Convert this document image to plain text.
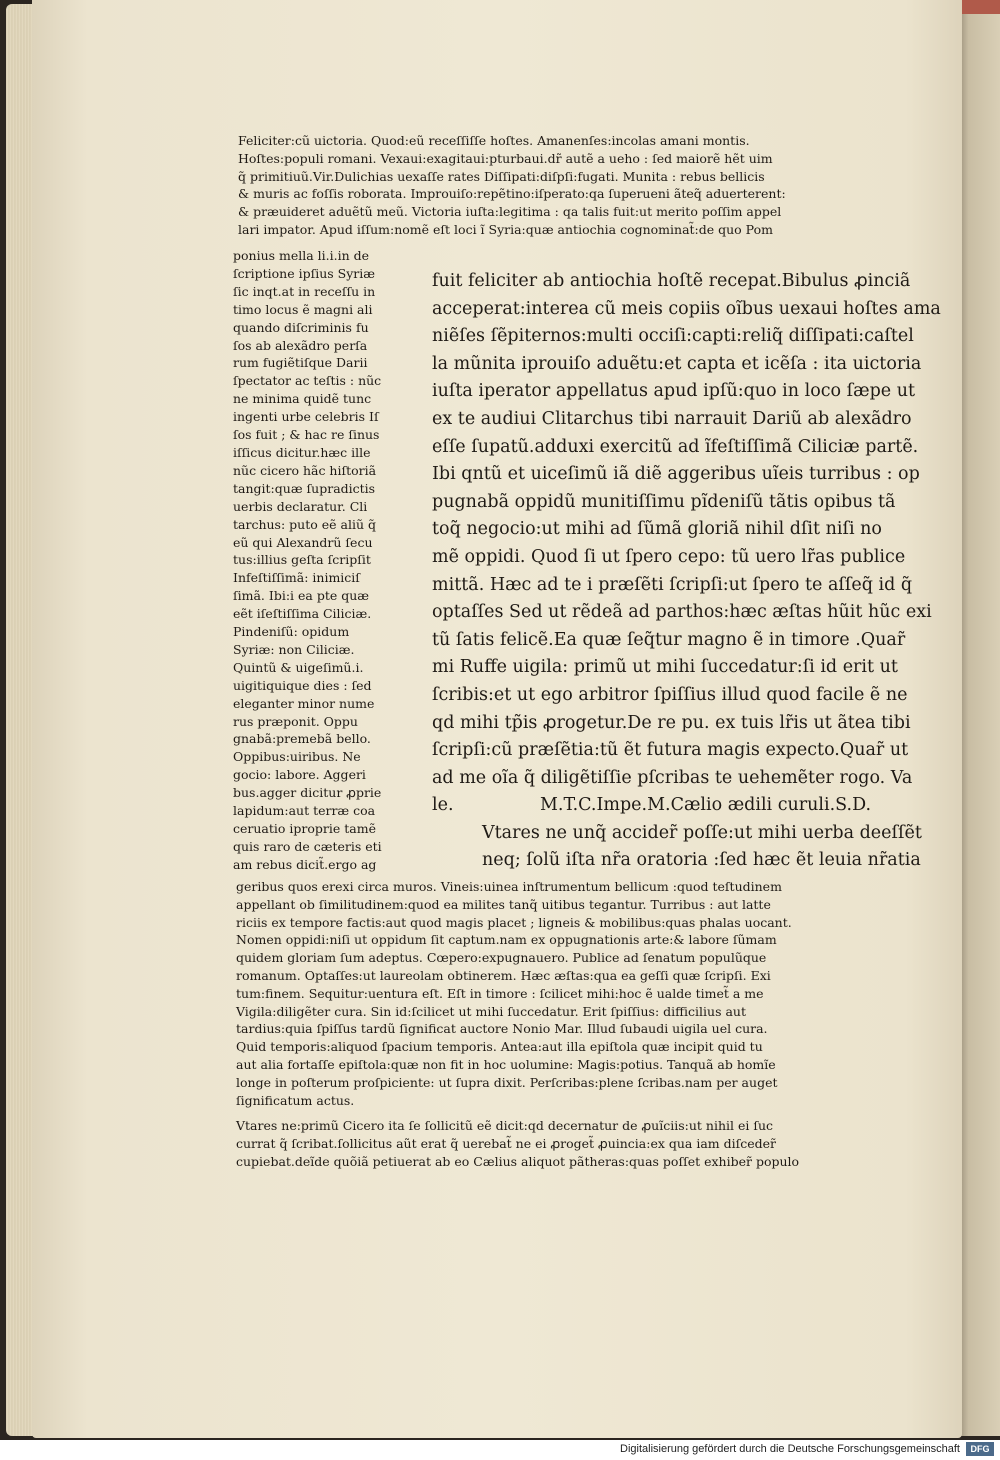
Feliciter:cũ uictoria. Quod:eũ receſſiſſe hoſtes. Amanenſes:incolas amani montis.
Hoſtes:populi romani. Vexaui:exagitaui:pturbaui.dr̃ autẽ a ueho : ſed maiorẽ hẽt uim
q̃ primitiuũ.Vir.Dulichias uexaſſe rates Diſſipati:diſpſi:fugati. Munita : rebus bellicis
& muris ac foſſis roborata. Improuiſo:repẽtino:iſperato:qa ſuperueni ãteq̃ aduerterent:
& præuideret aduẽtũ meũ. Victoria iuſta:legitima : qa talis fuit:ut merito poſſim appel
lari impator. Apud iſſum:nomẽ eſt loci ĩ Syria:quæ antiochia cognominat̃:de quo Pom
ponius mella li.i.in de
ſcriptione ipſius Syriæ
ſic inqt.at in receſſu in
timo locus ẽ magni ali
quando diſcriminis fu
ſos ab alexãdro perſa
rum fugiẽtiſque Darii
ſpectator ac teſtis : nũc
ne minima quidẽ tunc
ingenti urbe celebris Iſ
ſos fuit ; & hac re ſinus
iſſicus dicitur.hæc ille
nũc cicero hãc hiſtoriã
tangit:quæ ſupradictis
uerbis declaratur. Cli
tarchus: puto eẽ aliũ q̃
eũ qui Alexandrũ ſecu
tus:illius geſta ſcripſit
Infeſtiſſimã: inimiciſ
ſimã. Ibi:i ea pte quæ
eẽt iſeſtiſſima Ciliciæ.
Pindeniſũ: opidum
Syriæ: non Ciliciæ.
Quintũ & uigeſimũ.i.
uigitiquique dies : ſed
eleganter minor nume
rus præponit. Oppu
gnabã:premebã bello.
Oppibus:uiribus. Ne
gocio: labore. Aggeri
bus.agger dicitur ꝓprie
lapidum:aut terræ coa
ceruatio iproprie tamẽ
quis raro de cæteris eti
am rebus dicit̃.ergo ag
fuit feliciter ab antiochia hoſtẽ recepat.Bibulus ꝓinciã
acceperat:interea cũ meis copiis oĩbus uexaui hoſtes ama
niẽſes ſẽpiternos:multi occiſi:capti:reliq̃ diſſipati:caſtel
la mũnita iprouiſo aduẽtu:et capta et icẽſa : ita uictoria
iuſta iperator appellatus apud ipſũ:quo in loco ſæpe ut
ex te audiui Clitarchus tibi narrauit Dariũ ab alexãdro
eſſe ſupatũ.adduxi exercitũ ad ĩfeſtiſſimã Ciliciæ partẽ.
Ibi qntũ et uiceſimũ iã diẽ aggeribus uĩeis turribus : op
pugnabã oppidũ munitiſſimu pĩdeniſũ tãtis opibus tã
toq̃ negocio:ut mihi ad ſũmã gloriã nihil dſit niſi no
mẽ oppidi. Quod ſi ut ſpero cepo: tũ uero lr̃as publice
mittã. Hæc ad te i præſẽti ſcripſi:ut ſpero te aſſeq̃ id q̃
optaſſes Sed ut rẽdeã ad parthos:hæc æſtas hũit hũc exi
tũ ſatis felicẽ.Ea quæ ſeq̃tur magno ẽ in timore .Quar̃
mi Ruffe uigila: primũ ut mihi ſuccedatur:ſi id erit ut
ſcribis:et ut ego arbitror ſpiſſius illud quod facile ẽ ne
qd mihi tp̃is ꝓrogetur.De re pu. ex tuis lr̃is ut ãtea tibi
ſcripſi:cũ præſẽtia:tũ ẽt futura magis expecto.Quar̃ ut
ad me oĩa q̃ diligẽtiſſie pſcribas te uehemẽter rogo. Va
le.	M.T.C.Impe.M.Cælio ædili curuli.S.D.
Vtares ne unq̃ accider̃ poſſe:ut mihi uerba deeſſẽt
neq; ſolũ iſta nr̃a oratoria :ſed hæc ẽt leuia nr̃atia
geribus quos erexi circa muros. Vineis:uinea inſtrumentum bellicum :quod teſtudinem
appellant ob ſimilitudinem:quod ea milites tanq̃ uitibus tegantur. Turribus : aut latte
riciis ex tempore factis:aut quod magis placet ; ligneis & mobilibus:quas phalas uocant.
Nomen oppidi:niſi ut oppidum ſit captum.nam ex oppugnationis arte:& labore ſũmam
quidem gloriam ſum adeptus. Cœpero:expugnauero. Publice ad ſenatum populũque
romanum. Optaſſes:ut laureolam obtinerem. Hæc æſtas:qua ea geſſi quæ ſcripſi. Exi
tum:finem. Sequitur:uentura eſt. Eſt in timore : ſcilicet mihi:hoc ẽ ualde timet̃ a me
Vigila:diligẽter cura. Sin id:ſcilicet ut mihi ſuccedatur. Erit ſpiſſius: difficilius aut
tardius:quia ſpiſſus tardũ ſignificat auctore Nonio Mar. Illud ſubaudi uigila uel cura.
Quid temporis:aliquod ſpacium temporis. Antea:aut illa epiſtola quæ incipit quid tu
aut alia fortaſſe epiſtola:quæ non fit in hoc uolumine: Magis:potius. Tanquã ab homĩe
longe in poſterum proſpiciente: ut ſupra dixit. Perſcribas:plene ſcribas.nam per auget
ſignificatum actus.
Vtares ne:primũ Cicero ita ſe ſollicitũ eẽ dicit:qd decernatur de ꝓuĩciis:ut nihil ei ſuc
currat q̃ ſcribat.ſollicitus aũt erat q̃ uerebat̃ ne ei ꝓroget̃ ꝓuincia:ex qua iam diſceder̃
cupiebat.deĩde quõiã petiuerat ab eo Cælius aliquot pãtheras:quas poſſet exhiber̃ populo
Digitalisierung gefördert durch die Deutsche Forschungsgemeinschaft	DFG
